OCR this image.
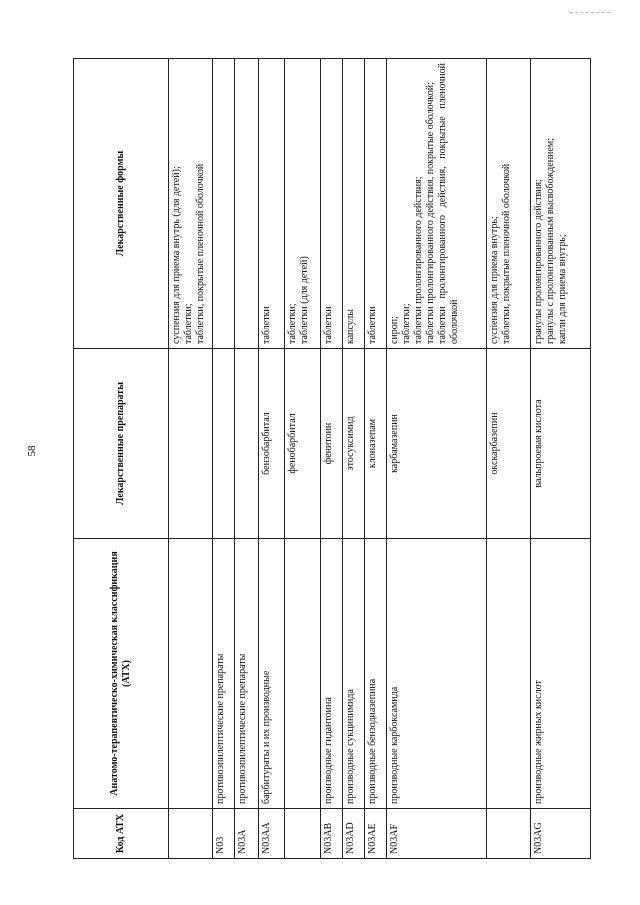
58
Код АТХ	Анатомо-терапевтическо-химическая классификация (АТХ)	Лекарственные препараты	Лекарственные формы

			суспензия для приема внутрь (для детей); таблетки; таблетки, покрытые пленочной оболочкой

N03	противоэпилептические препараты		
N03A	противоэпилептические препараты		
N03AA	барбитураты и их производные	бензобарбитал	таблетки

		фенобарбитал	таблетки; таблетки (для детей)

N03AB	производные гидантоина	фенитоин	таблетки

N03AD	производные сукцинимида	этосуксимид	капсулы

N03AE	производные бензодиазепина	клоназепам	таблетки

N03AF	производные карбоксамида	карбамазепин	сироп; таблетки; таблетки пролонгированного действия; таблетки пролонгированного действия, покрытые оболочкой; таблетки пролонгированного действия, покрытые пленочной оболочкой

		окскарбазепин	суспензия для приема внутрь; таблетки, покрытые пленочной оболочкой

N03AG	производные жирных кислот	вальпроевая кислота	гранулы пролонгированного действия; гранулы с пролонгированным высвобождением; капли для приема внутрь;
